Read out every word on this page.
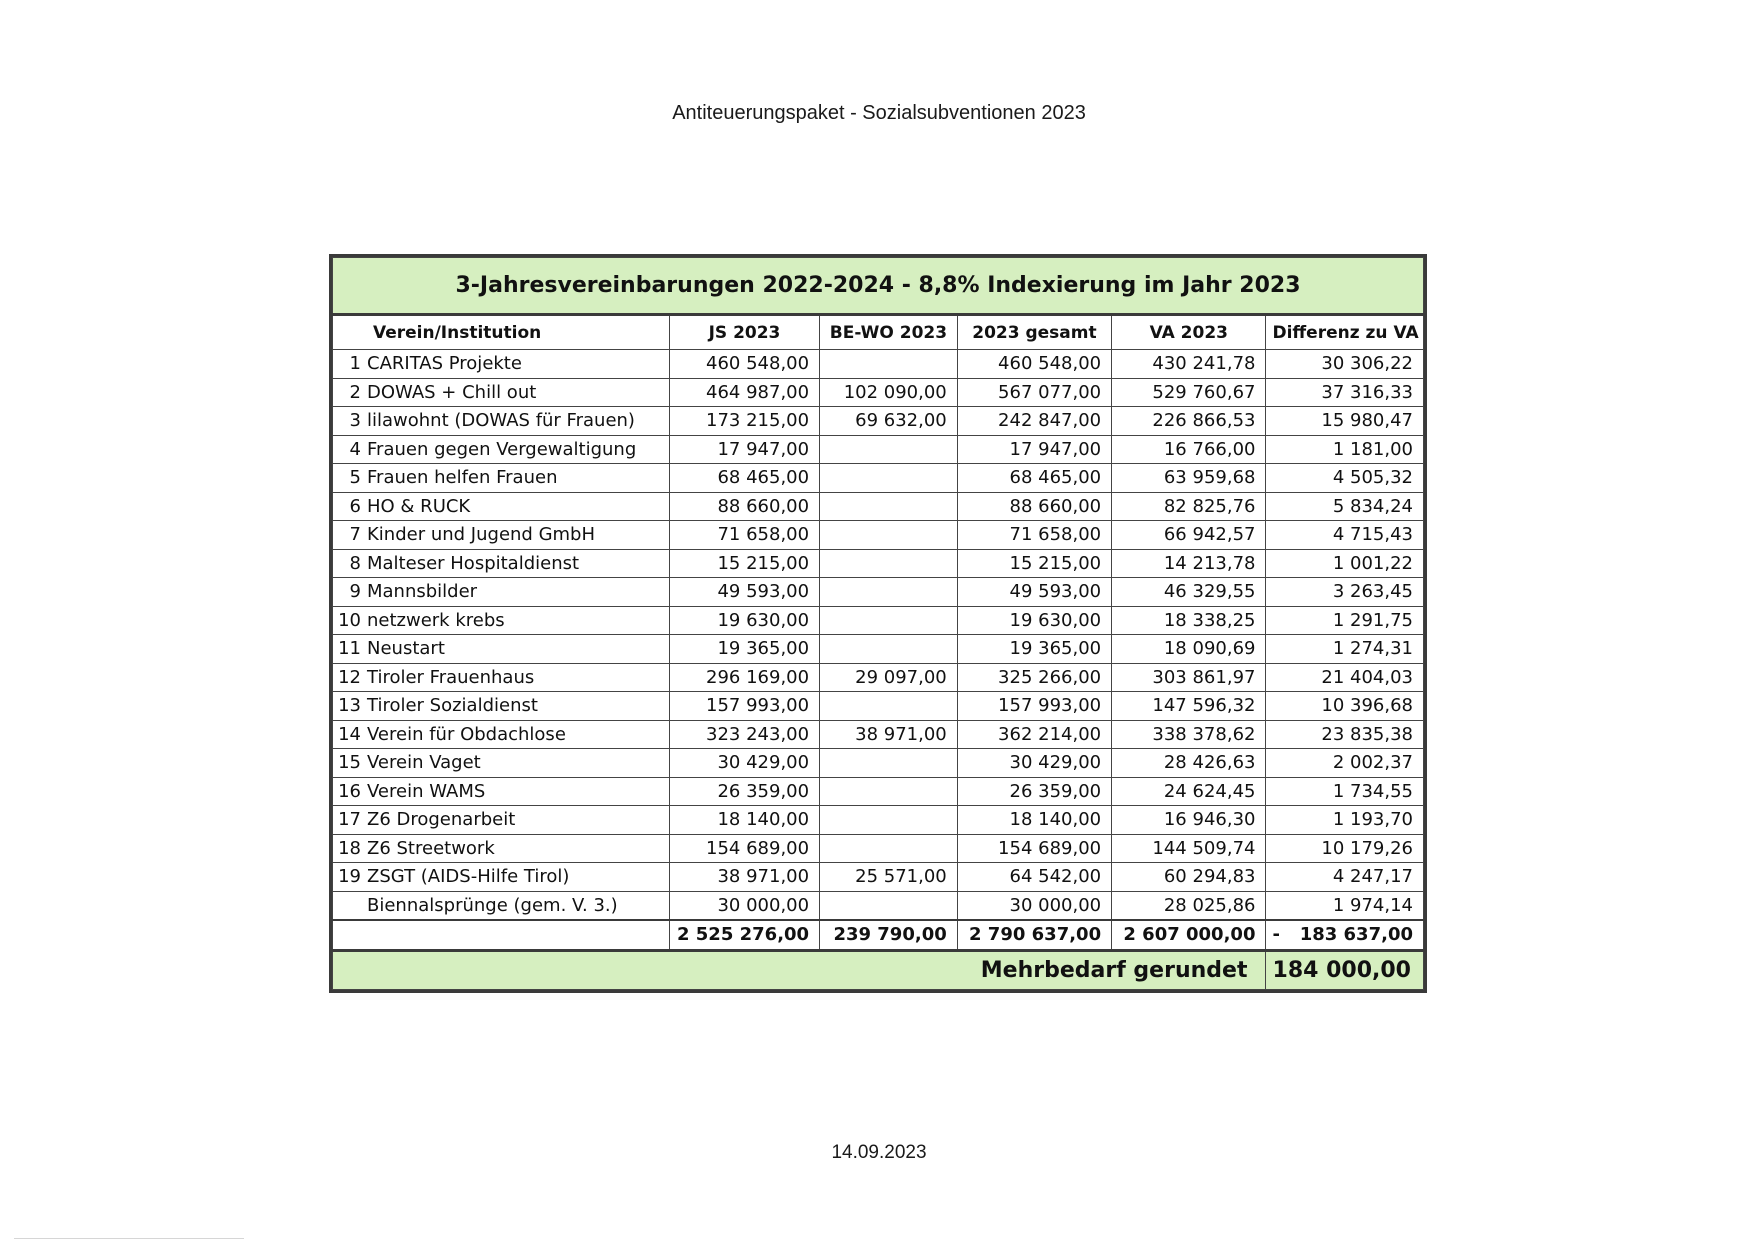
Antiteuerungspaket - Sozialsubventionen 2023
3-Jahresvereinbarungen 2022-2024 - 8,8% Indexierung im Jahr 2023					
Verein/Institution	JS 2023	BE-WO 2023	2023 gesamt	VA 2023	Differenz zu VA
1 CARITAS Projekte	460 548,00		460 548,00	430 241,78	30 306,22
2 DOWAS + Chill out	464 987,00	102 090,00	567 077,00	529 760,67	37 316,33
3 lilawohnt (DOWAS für Frauen)	173 215,00	69 632,00	242 847,00	226 866,53	15 980,47
4 Frauen gegen Vergewaltigung	17 947,00		17 947,00	16 766,00	1 181,00
5 Frauen helfen Frauen	68 465,00		68 465,00	63 959,68	4 505,32
6 HO & RUCK	88 660,00		88 660,00	82 825,76	5 834,24
7 Kinder und Jugend GmbH	71 658,00		71 658,00	66 942,57	4 715,43
8 Malteser Hospitaldienst	15 215,00		15 215,00	14 213,78	1 001,22
9 Mannsbilder	49 593,00		49 593,00	46 329,55	3 263,45
10 netzwerk krebs	19 630,00		19 630,00	18 338,25	1 291,75
11 Neustart	19 365,00		19 365,00	18 090,69	1 274,31
12 Tiroler Frauenhaus	296 169,00	29 097,00	325 266,00	303 861,97	21 404,03
13 Tiroler Sozialdienst	157 993,00		157 993,00	147 596,32	10 396,68
14 Verein für Obdachlose	323 243,00	38 971,00	362 214,00	338 378,62	23 835,38
15 Verein Vaget	30 429,00		30 429,00	28 426,63	2 002,37
16 Verein WAMS	26 359,00		26 359,00	24 624,45	1 734,55
17 Z6 Drogenarbeit	18 140,00		18 140,00	16 946,30	1 193,70
18 Z6 Streetwork	154 689,00		154 689,00	144 509,74	10 179,26
19 ZSGT (AIDS-Hilfe Tirol)	38 971,00	25 571,00	64 542,00	60 294,83	4 247,17
Biennalsprünge (gem. V. 3.)	30 000,00		30 000,00	28 025,86	1 974,14
	2 525 276,00	239 790,00	2 790 637,00	2 607 000,00	- 183 637,00
Mehrbedarf gerundet					184 000,00
14.09.2023
